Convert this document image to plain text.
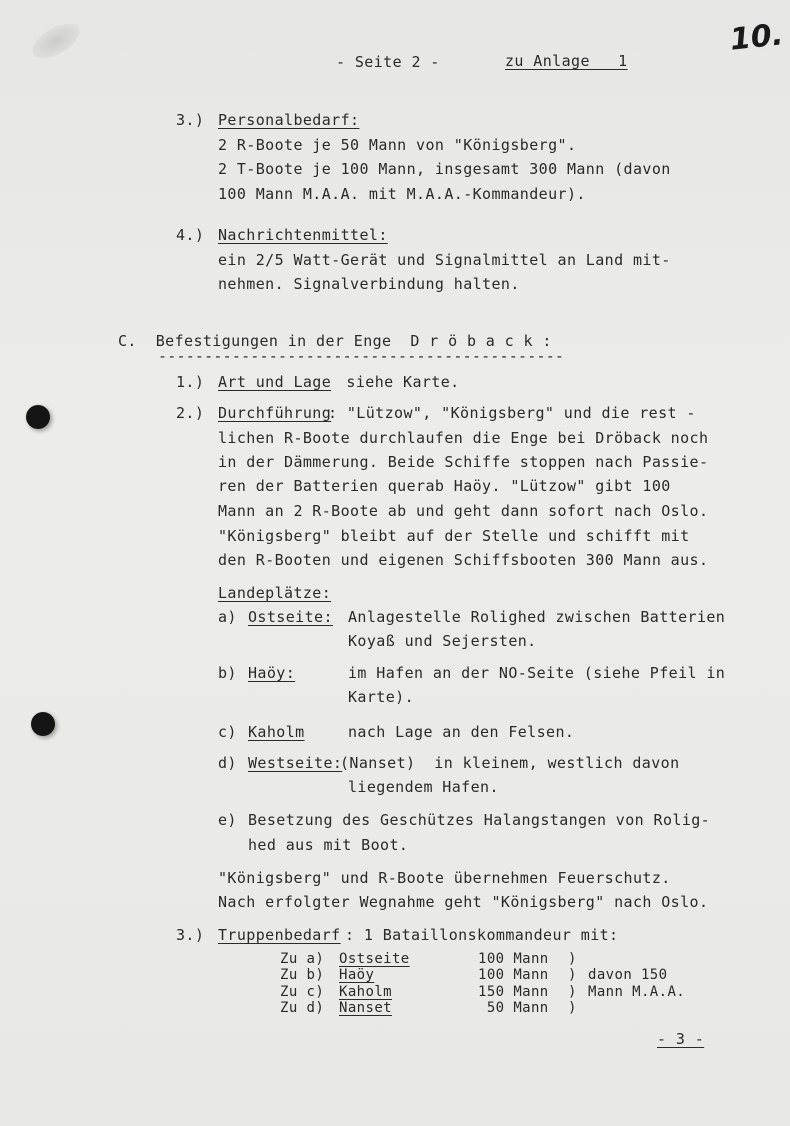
10.
- Seite 2 -	zu Anlage   1
3.) Personalbedarf:
2 R-Boote je 50 Mann von "Königsberg".
2 T-Boote je 100 Mann, insgesamt 300 Mann (davon
100 Mann M.A.A. mit M.A.A.-Kommandeur).
4.) Nachrichtenmittel:
ein 2/5 Watt-Gerät und Signalmittel an Land mit-
nehmen. Signalverbindung halten.
C.  Befestigungen in der Enge  D r ö b a c k :
--------------------------------------------
1.) Art und Lage siehe Karte.
2.) Durchführung
: "Lützow", "Königsberg" und die rest -
lichen R-Boote durchlaufen die Enge bei Dröback noch
in der Dämmerung. Beide Schiffe stoppen nach Passie-
ren der Batterien querab Haöy. "Lützow" gibt 100
Mann an 2 R-Boote ab und geht dann sofort nach Oslo.
"Königsberg" bleibt auf der Stelle und schifft mit
den R-Booten und eigenen Schiffsbooten 300 Mann aus.
Landeplätze:
a) Ostseite: Anlagestelle Rolighed zwischen Batterien
Koyaß und Sejersten.
b) Haöy:	im Hafen an der NO-Seite (siehe Pfeil in
Karte).
c) Kaholm	nach Lage an den Felsen.
d) Westseite:
(Nanset)  in kleinem, westlich davon
liegendem Hafen.
e) Besetzung des Geschützes Halangstangen von Rolig-
hed aus mit Boot.
"Königsberg" und R-Boote übernehmen Feuerschutz.
Nach erfolgter Wegnahme geht "Königsberg" nach Oslo.
3.) Truppenbedarf : 1 Bataillonskommandeur mit:
Zu a) Ostseite	100 Mann )
Zu b) Haöy	100 Mann ) davon 150
Zu c) Kaholm	150 Mann ) Mann M.A.A.
Zu d) Nanset	50 Mann )
- 3 -
